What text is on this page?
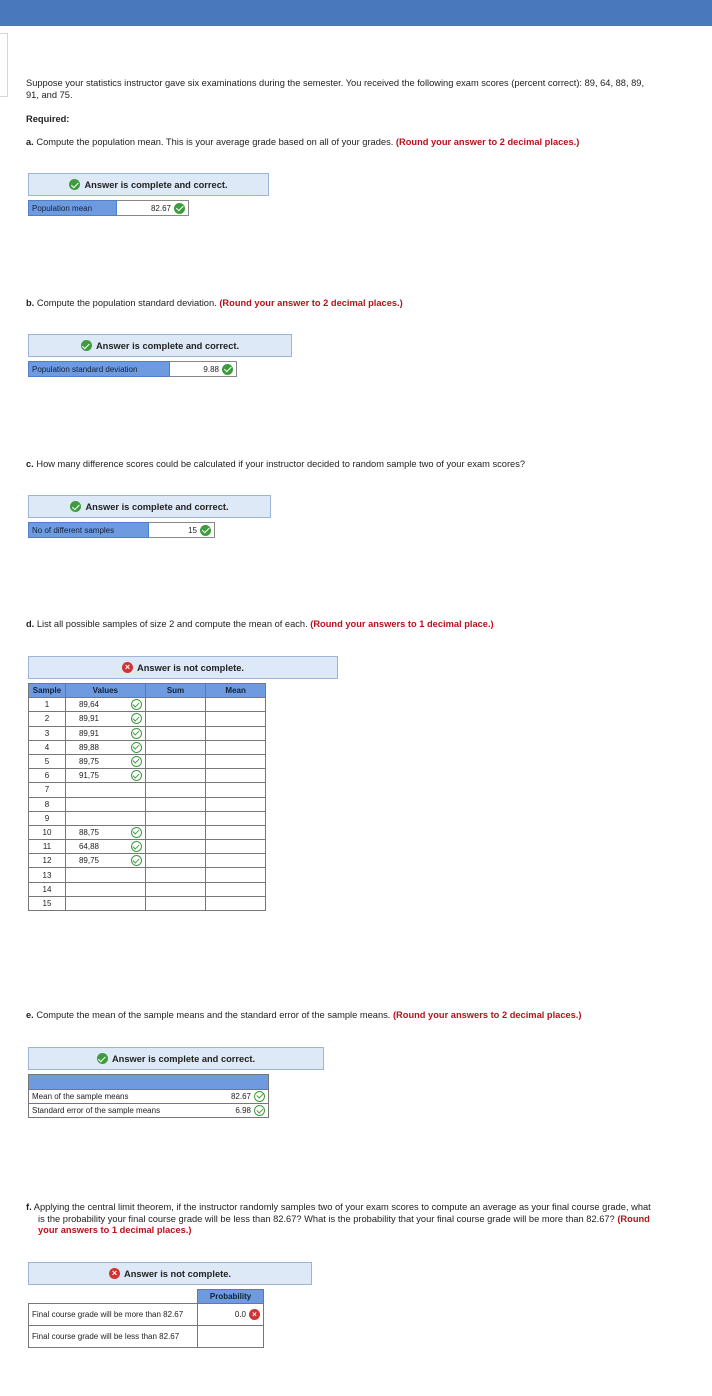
Suppose your statistics instructor gave six examinations during the semester. You received the following exam scores (percent correct): 89, 64, 88, 89, 91, and 75.
Required:
a. Compute the population mean. This is your average grade based on all of your grades. (Round your answer to 2 decimal places.)
Answer is complete and correct.
Population mean	82.67
b. Compute the population standard deviation. (Round your answer to 2 decimal places.)
Answer is complete and correct.
Population standard deviation	9.88
c. How many difference scores could be calculated if your instructor decided to random sample two of your exam scores?
Answer is complete and correct.
No of different samples	15
d. List all possible samples of size 2 and compute the mean of each. (Round your answers to 1 decimal place.)
× Answer is not complete.
Sample	Values	Sum	Mean
1	89,64		

2	89,91		

3	89,91		

4	89,88		

5	89,75		

6	91,75		

7			
8			
9			
10	88,75		

11	64,88		

12	89,75		

13			
14			
15			
e. Compute the mean of the sample means and the standard error of the sample means. (Round your answers to 2 decimal places.)
Answer is complete and correct.

Mean of the sample means	82.67

Standard error of the sample means	6.98
f. Applying the central limit theorem, if the instructor randomly samples two of your exam scores to compute an average as your final course grade, what is the probability your final course grade will be less than 82.67? What is the probability that your final course grade will be more than 82.67? (Round your answers to 1 decimal places.)
× Answer is not complete.
	Probability
Final course grade will be more than 82.67	0.0 ×

Final course grade will be less than 82.67	
